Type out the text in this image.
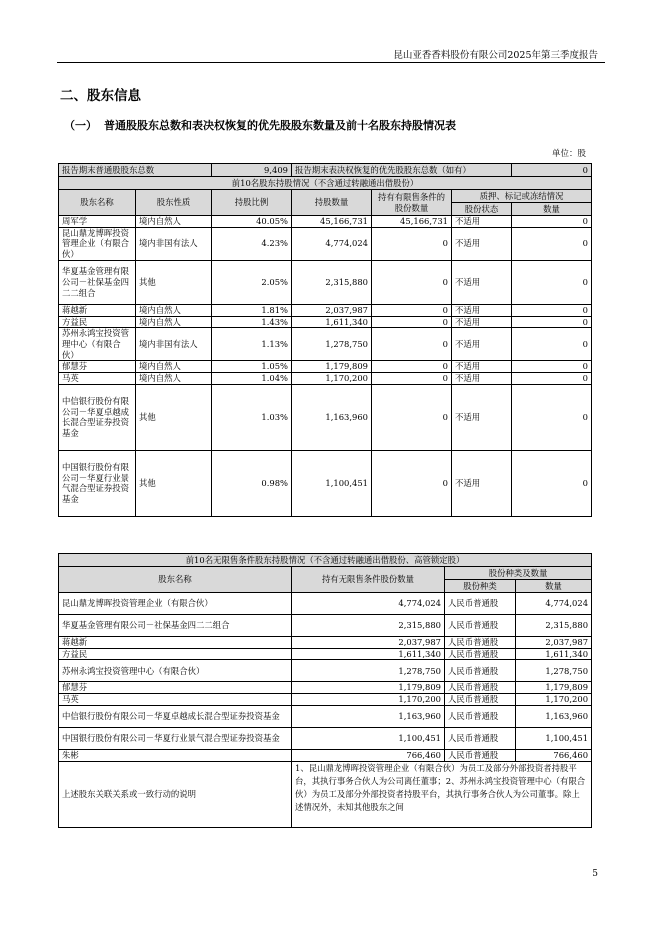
昆山亚香香料股份有限公司2025年第三季度报告
二、股东信息
（一） 普通股股东总数和表决权恢复的优先股股东数量及前十名股东持股情况表
单位：股
报告期末普通股股东总数		9,409	报告期末表决权恢复的优先股股东总数（如有）			0
前10名股东持股情况（不含通过转融通出借股份）						
股东名称	股东性质	持股比例	持股数量	持有有限售条件的股份数量	质押、标记或冻结情况	
					股份状态	数量
周军学	境内自然人	40.05%	45,166,731	45,166,731	不适用	0
昆山鼎龙博晖投资管理企业（有限合伙）	境内非国有法人	4.23%	4,774,024	0	不适用	0
华夏基金管理有限公司－社保基金四二二组合	其他	2.05%	2,315,880	0	不适用	0
蒋越新	境内自然人	1.81%	2,037,987	0	不适用	0
方益民	境内自然人	1.43%	1,611,340	0	不适用	0
苏州永鸿宝投资管理中心（有限合伙）	境内非国有法人	1.13%	1,278,750	0	不适用	0
郁慧芬	境内自然人	1.05%	1,179,809	0	不适用	0
马英	境内自然人	1.04%	1,170,200	0	不适用	0
中信银行股份有限公司－华夏卓越成长混合型证券投资基金	其他	1.03%	1,163,960	0	不适用	0
中国银行股份有限公司－华夏行业景气混合型证券投资基金	其他	0.98%	1,100,451	0	不适用	0
前10名无限售条件股东持股情况（不含通过转融通出借股份、高管锁定股）			
股东名称	持有无限售条件股份数量	股份种类及数量	
		股份种类	数量
昆山鼎龙博晖投资管理企业（有限合伙）	4,774,024	人民币普通股	4,774,024
华夏基金管理有限公司－社保基金四二二组合	2,315,880	人民币普通股	2,315,880
蒋越新	2,037,987	人民币普通股	2,037,987
方益民	1,611,340	人民币普通股	1,611,340
苏州永鸿宝投资管理中心（有限合伙）	1,278,750	人民币普通股	1,278,750
郁慧芬	1,179,809	人民币普通股	1,179,809
马英	1,170,200	人民币普通股	1,170,200
中信银行股份有限公司－华夏卓越成长混合型证券投资基金	1,163,960	人民币普通股	1,163,960
中国银行股份有限公司－华夏行业景气混合型证券投资基金	1,100,451	人民币普通股	1,100,451
朱彬	766,460	人民币普通股	766,460
上述股东关联关系或一致行动的说明	1、昆山鼎龙博晖投资管理企业（有限合伙）为员工及部分外部投资者持股平台，其执行事务合伙人为公司离任董事；2、苏州永鸿宝投资管理中心（有限合伙）为员工及部分外部投资者持股平台，其执行事务合伙人为公司董事。除上述情况外，未知其他股东之间		
5
